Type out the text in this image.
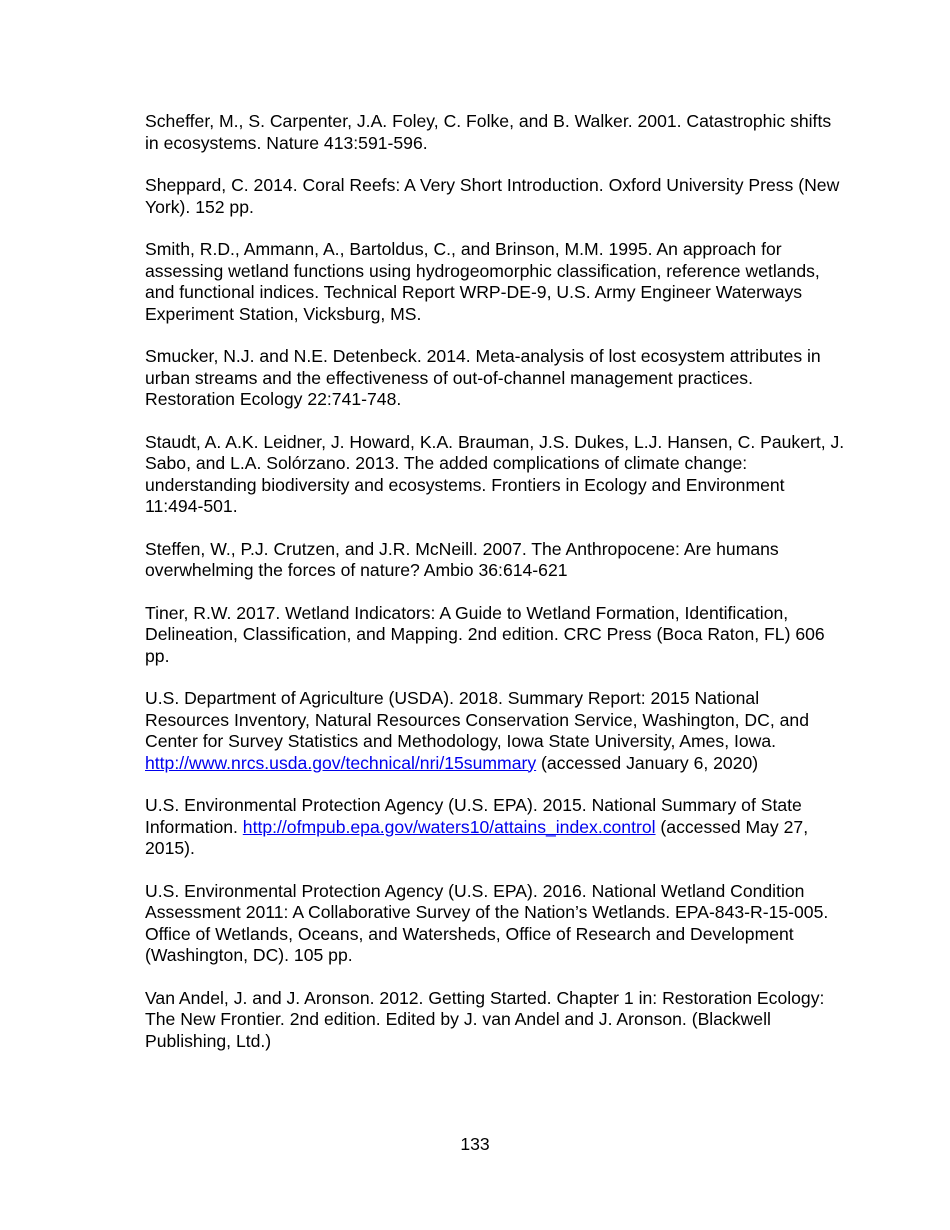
Scheffer, M., S. Carpenter, J.A. Foley, C. Folke, and B. Walker. 2001. Catastrophic shifts in ecosystems. Nature 413:591-596.

Sheppard, C. 2014. Coral Reefs: A Very Short Introduction. Oxford University Press (New York). 152 pp.

Smith, R.D., Ammann, A., Bartoldus, C., and Brinson, M.M. 1995. An approach for assessing wetland functions using hydrogeomorphic classification, reference wetlands, and functional indices. Technical Report WRP-DE-9, U.S. Army Engineer Waterways Experiment Station, Vicksburg, MS.

Smucker, N.J. and N.E. Detenbeck. 2014. Meta-analysis of lost ecosystem attributes in urban streams and the effectiveness of out-of-channel management practices. Restoration Ecology 22:741-748.

Staudt, A. A.K. Leidner, J. Howard, K.A. Brauman, J.S. Dukes, L.J. Hansen, C. Paukert, J. Sabo, and L.A. Solórzano. 2013. The added complications of climate change: understanding biodiversity and ecosystems. Frontiers in Ecology and Environment 11:494-501.

Steffen, W., P.J. Crutzen, and J.R. McNeill. 2007. The Anthropocene: Are humans overwhelming the forces of nature? Ambio 36:614-621

Tiner, R.W. 2017. Wetland Indicators: A Guide to Wetland Formation, Identification, Delineation, Classification, and Mapping. 2nd edition. CRC Press (Boca Raton, FL) 606 pp.

U.S. Department of Agriculture (USDA). 2018. Summary Report: 2015 National Resources Inventory, Natural Resources Conservation Service, Washington, DC, and Center for Survey Statistics and Methodology, Iowa State University, Ames, Iowa. http://www.nrcs.usda.gov/technical/nri/15summary (accessed January 6, 2020)

U.S. Environmental Protection Agency (U.S. EPA). 2015. National Summary of State Information. http://ofmpub.epa.gov/waters10/attains_index.control (accessed May 27, 2015).

U.S. Environmental Protection Agency (U.S. EPA). 2016. National Wetland Condition Assessment 2011: A Collaborative Survey of the Nation’s Wetlands. EPA-843-R-15-005. Office of Wetlands, Oceans, and Watersheds, Office of Research and Development (Washington, DC). 105 pp.

Van Andel, J. and J. Aronson. 2012. Getting Started. Chapter 1 in: Restoration Ecology: The New Frontier. 2nd edition. Edited by J. van Andel and J. Aronson. (Blackwell Publishing, Ltd.)

133
